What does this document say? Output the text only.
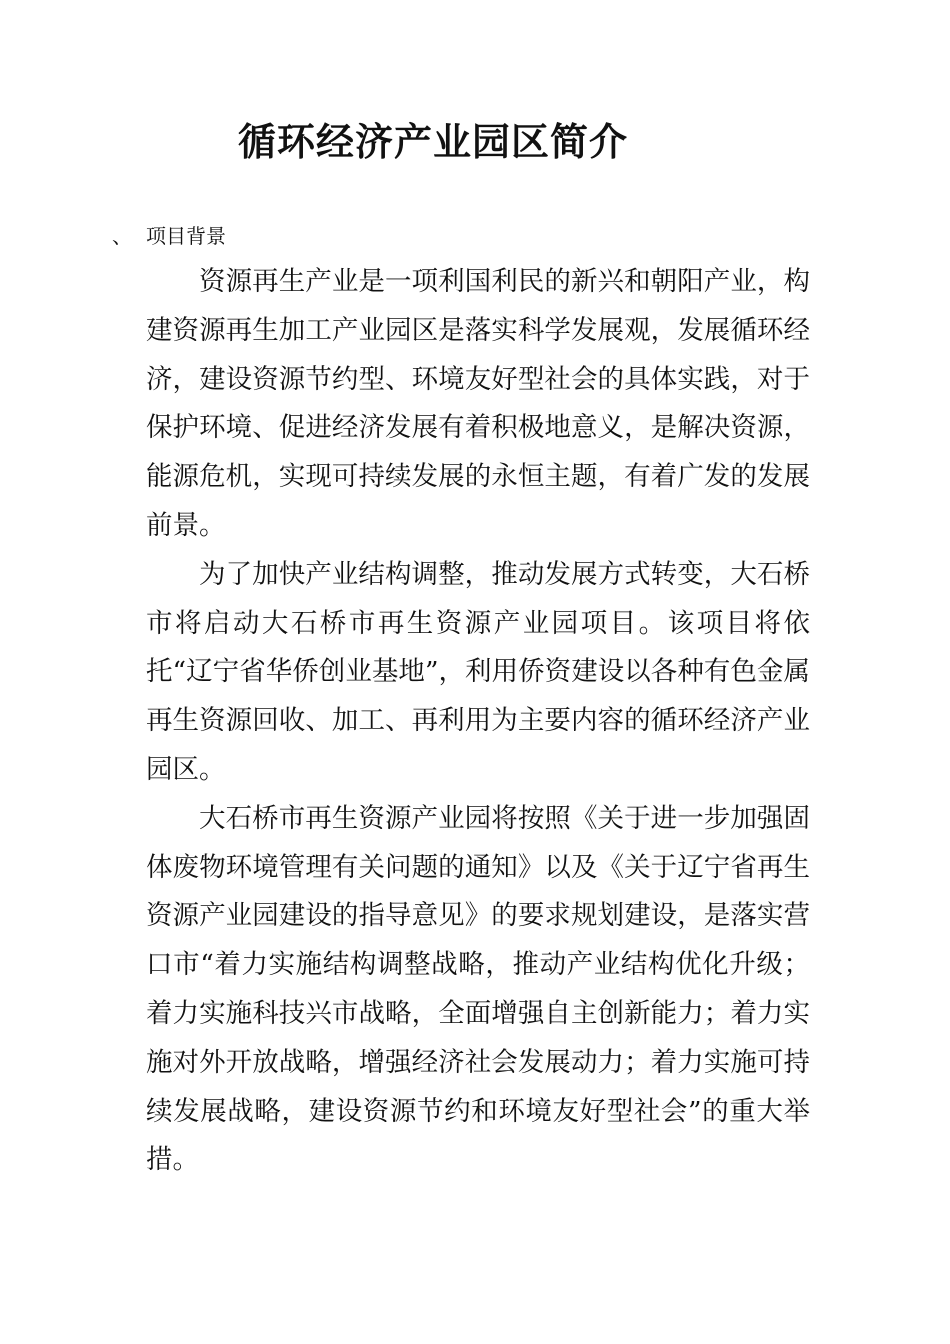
循环经济产业园区简介
、 项目背景

资源再生产业是一项利国利民的新兴和朝阳产业，构建资源再生加工产业园区是落实科学发展观，发展循环经济，建设资源节约型、环境友好型社会的具体实践，对于保护环境、促进经济发展有着积极地意义，是解决资源，能源危机，实现可持续发展的永恒主题，有着广发的发展前景。

为了加快产业结构调整，推动发展方式转变，大石桥市将启动大石桥市再生资源产业园项目。该项目将依托“辽宁省华侨创业基地”，利用侨资建设以各种有色金属再生资源回收、加工、再利用为主要内容的循环经济产业园区。

大石桥市再生资源产业园将按照《关于进一步加强固体废物环境管理有关问题的通知》以及《关于辽宁省再生资源产业园建设的指导意见》的要求规划建设，是落实营口市“着力实施结构调整战略，推动产业结构优化升级；着力实施科技兴市战略，全面增强自主创新能力；着力实施对外开放战略，增强经济社会发展动力；着力实施可持续发展战略，建设资源节约和环境友好型社会”的重大举措。
